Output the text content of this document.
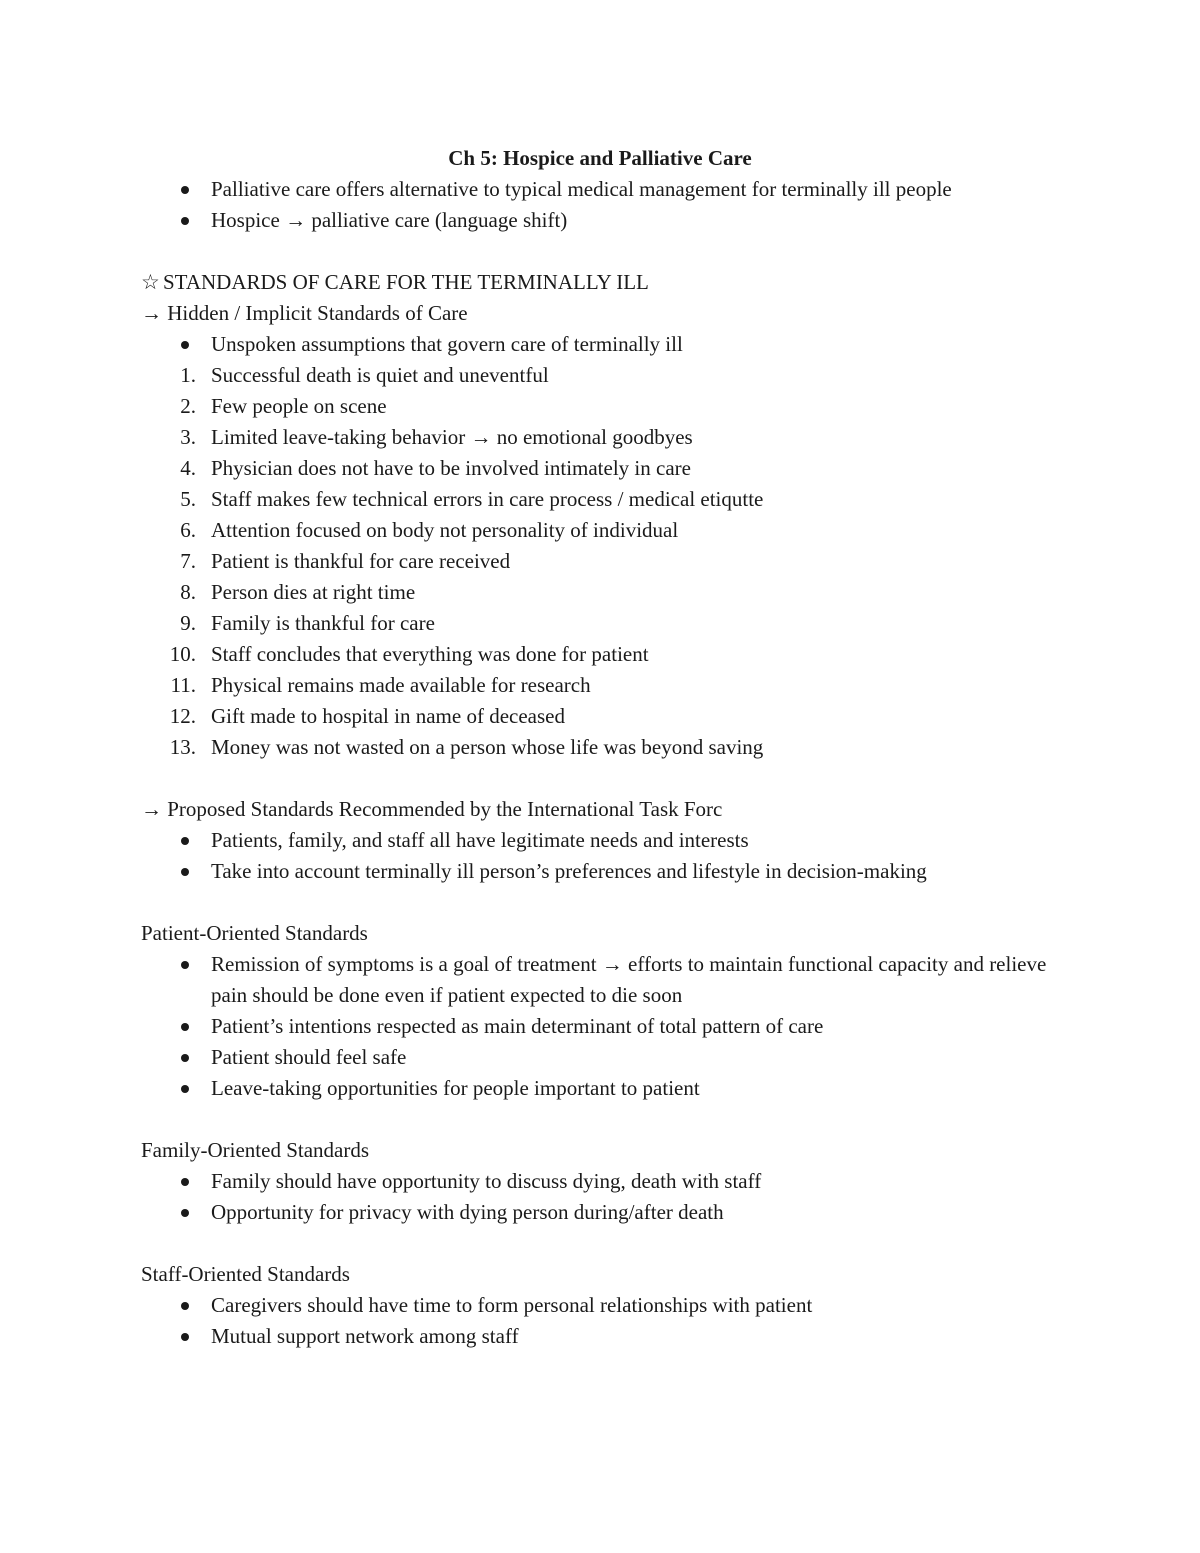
Ch 5: Hospice and Palliative Care
Palliative care offers alternative to typical medical management for terminally ill people
Hospice → palliative care (language shift)

☆ STANDARDS OF CARE FOR THE TERMINALLY ILL

→ Hidden / Implicit Standards of Care

Unspoken assumptions that govern care of terminally ill
1. Successful death is quiet and uneventful
2. Few people on scene
3. Limited leave-taking behavior → no emotional goodbyes
4. Physician does not have to be involved intimately in care
5. Staff makes few technical errors in care process / medical etiqutte
6. Attention focused on body not personality of individual
7. Patient is thankful for care received
8. Person dies at right time
9. Family is thankful for care
10. Staff concludes that everything was done for patient
11. Physical remains made available for research
12. Gift made to hospital in name of deceased
13. Money was not wasted on a person whose life was beyond saving

→ Proposed Standards Recommended by the International Task Forc

Patients, family, and staff all have legitimate needs and interests
Take into account terminally ill person’s preferences and lifestyle in decision-making

Patient-Oriented Standards

Remission of symptoms is a goal of treatment → efforts to maintain functional capacity and relieve pain should be done even if patient expected to die soon
Patient’s intentions respected as main determinant of total pattern of care
Patient should feel safe
Leave-taking opportunities for people important to patient

Family-Oriented Standards

Family should have opportunity to discuss dying, death with staff
Opportunity for privacy with dying person during/after death

Staff-Oriented Standards

Caregivers should have time to form personal relationships with patient
Mutual support network among staff
